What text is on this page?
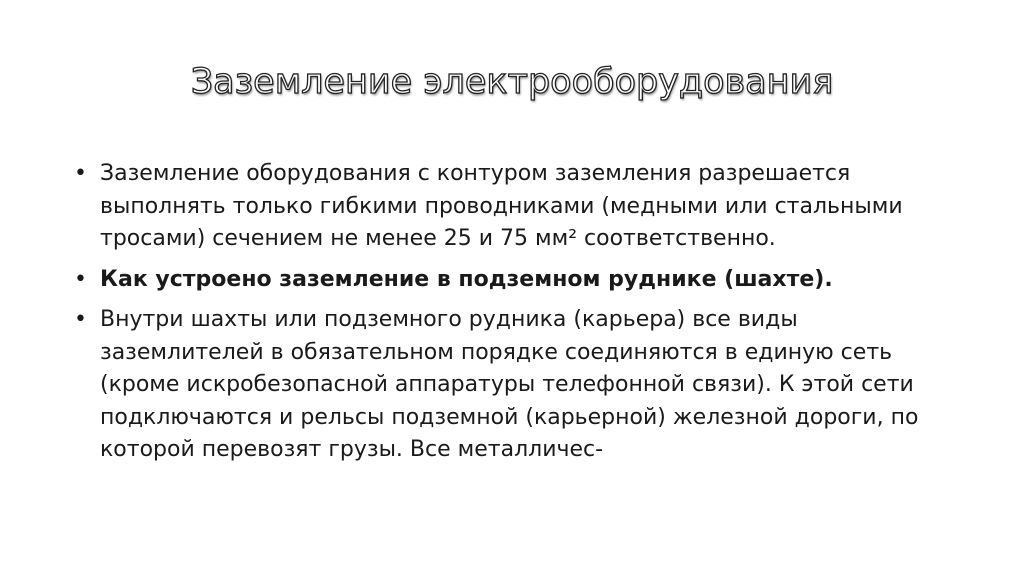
Заземление электрооборудования
• Заземление оборудования с контуром заземления разрешается выполнять только гибкими проводниками (медными или стальными тросами) сечением не менее 25 и 75 мм² соответственно.
• Как устроено заземление в подземном руднике (шахте).
• Внутри шахты или подземного рудника (карьера) все виды заземлителей в обязательном порядке соединяются в единую сеть (кроме искробезопасной аппаратуры телефонной связи). К этой сети подключаются и рельсы подземной (карьерной) железной дороги, по которой перевозят грузы. Все металличес-
